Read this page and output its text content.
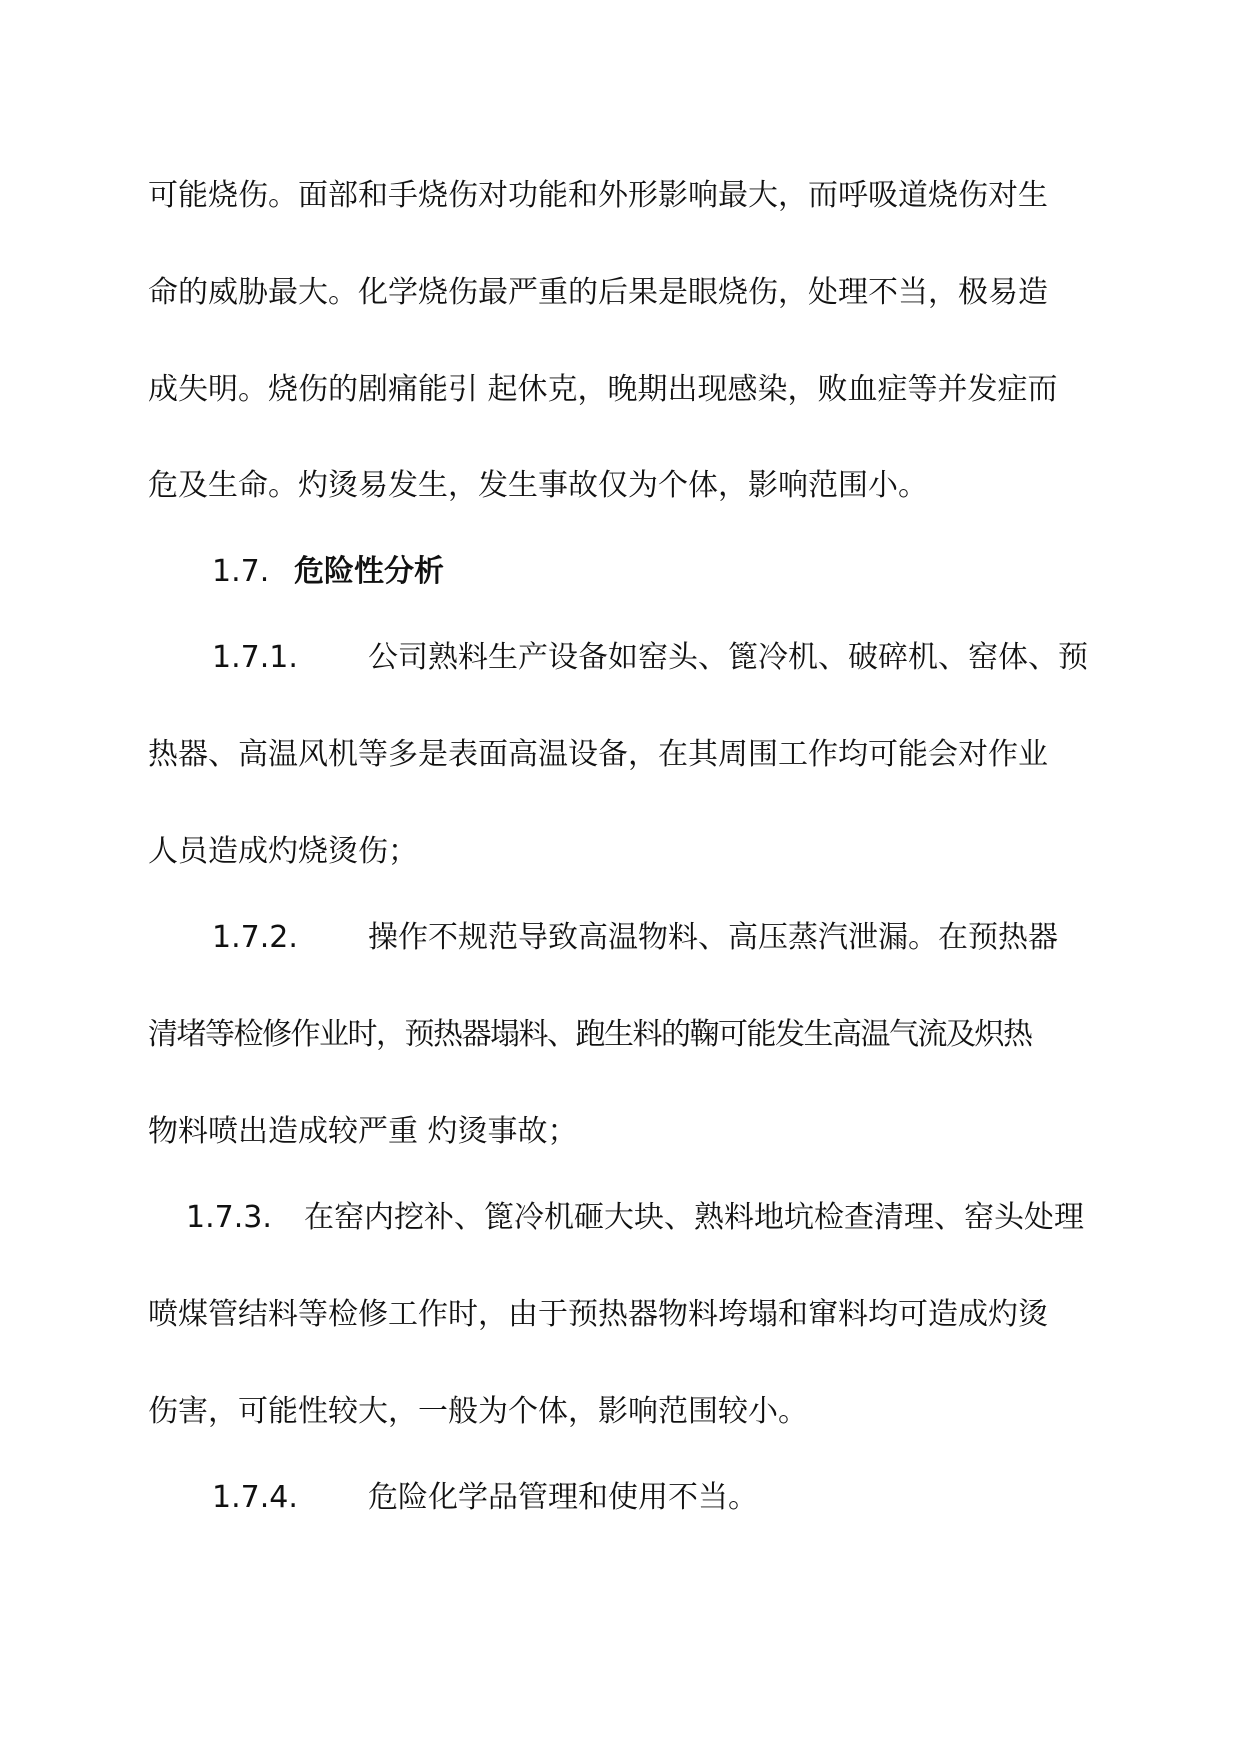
可能烧伤。面部和手烧伤对功能和外形影响最大，而呼吸道烧伤对生
命的威胁最大。化学烧伤最严重的后果是眼烧伤，处理不当，极易造
成失明。烧伤的剧痛能引 起休克，晚期出现感染，败血症等并发症而
危及生命。灼烫易发生，发生事故仅为个体，影响范围小。
1.7. 危险性分析
1.7.1. 公司熟料生产设备如窑头、篦冷机、破碎机、窑体、预
热器、高温风机等多是表面高温设备，在其周围工作均可能会对作业
人员造成灼烧烫伤；
1.7.2. 操作不规范导致高温物料、高压蒸汽泄漏。在预热器
清堵等检修作业时，预热器塌料、跑生料的鞠可能发生高温气流及炽热
物料喷出造成较严重 灼烫事故；
1.7.3. 在窑内挖补、篦冷机砸大块、熟料地坑检查清理、窑头处理
喷煤管结料等检修工作时，由于预热器物料垮塌和窜料均可造成灼烫
伤害，可能性较大，一般为个体，影响范围较小。
1.7.4. 危险化学品管理和使用不当。
